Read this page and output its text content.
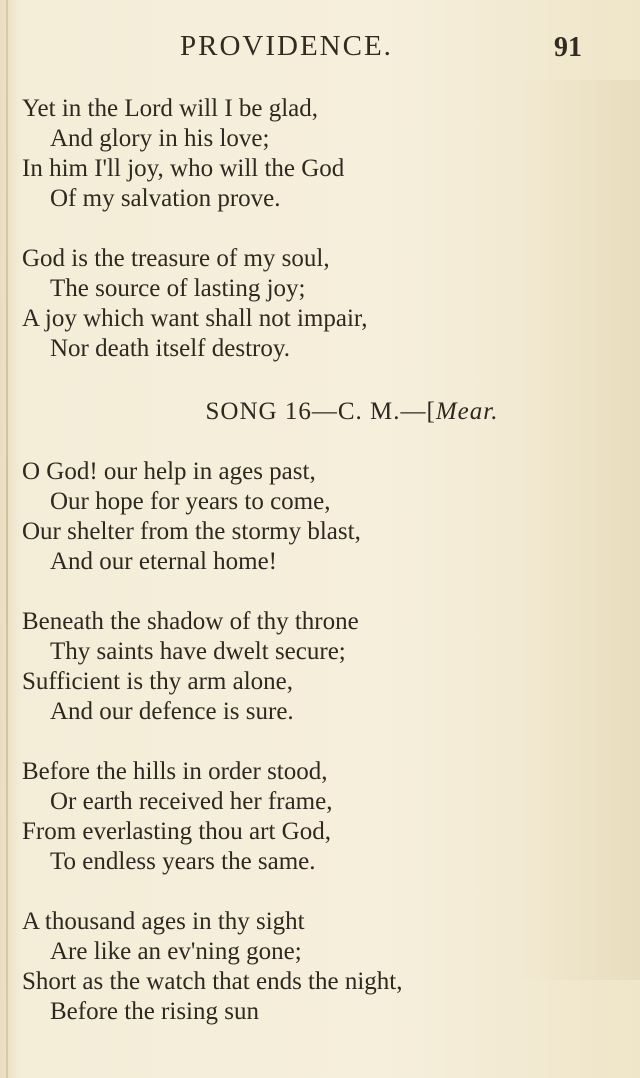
PROVIDENCE.	91
Yet in the Lord will I be glad,
And glory in his love;
In him I'll joy, who will the God
Of my salvation prove.
God is the treasure of my soul,
The source of lasting joy;
A joy which want shall not impair,
Nor death itself destroy.
SONG 16—C. M.—[Mear.
O God! our help in ages past,
Our hope for years to come,
Our shelter from the stormy blast,
And our eternal home!
Beneath the shadow of thy throne
Thy saints have dwelt secure;
Sufficient is thy arm alone,
And our defence is sure.
Before the hills in order stood,
Or earth received her frame,
From everlasting thou art God,
To endless years the same.
A thousand ages in thy sight
Are like an ev'ning gone;
Short as the watch that ends the night,
Before the rising sun
